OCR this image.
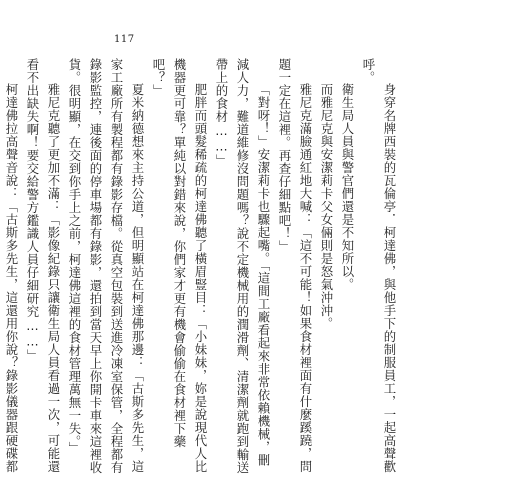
117

身穿名牌西裝的瓦倫亭．柯達佛，與他手下的制服員工，一起高聲歡呼。

衛生局人員與警官們還是不知所以。

而雅尼克與安潔莉卡父女倆則是怒氣沖沖。

雅尼克滿臉通紅地大喊：「這不可能！如果食材裡面有什麼蹊蹺，問題一定在這裡。再查仔細點吧！」

「對呀！」安潔莉卡也驟起嘴。「這間工廠看起來非常依賴機械，刪減人力，難道維修沒問題嗎？說不定機械用的潤滑劑、清潔劑就跑到輸送帶上的食材……」

肥胖而頭髮稀疏的柯達佛聽了橫眉豎目：「小妹妹，妳是說現代人比機器更可靠？單純以對錯來說，你們家才更有機會偷偷在食材裡下藥吧？」

夏米納德想來主持公道，但明顯站在柯達佛那邊：「古斯多先生，這家工廠所有製程都有錄影存檔。從真空包裝到送進冷凍室保管，全程都有錄影監控，連後面的停車場都有錄影，還拍到當天早上你開卡車來這裡收貨。很明顯，在交到你手上之前，柯達佛這裡的食材管理萬無一失。」

雅尼克聽了更加不滿：「影像紀錄只讓衛生局人員看過一次，可能還看不出缺失啊！要交給警方鑑識人員仔細研究……」

柯達佛拉高聲音說：「古斯多先生，這還用你說？錄影儀器跟硬碟都
